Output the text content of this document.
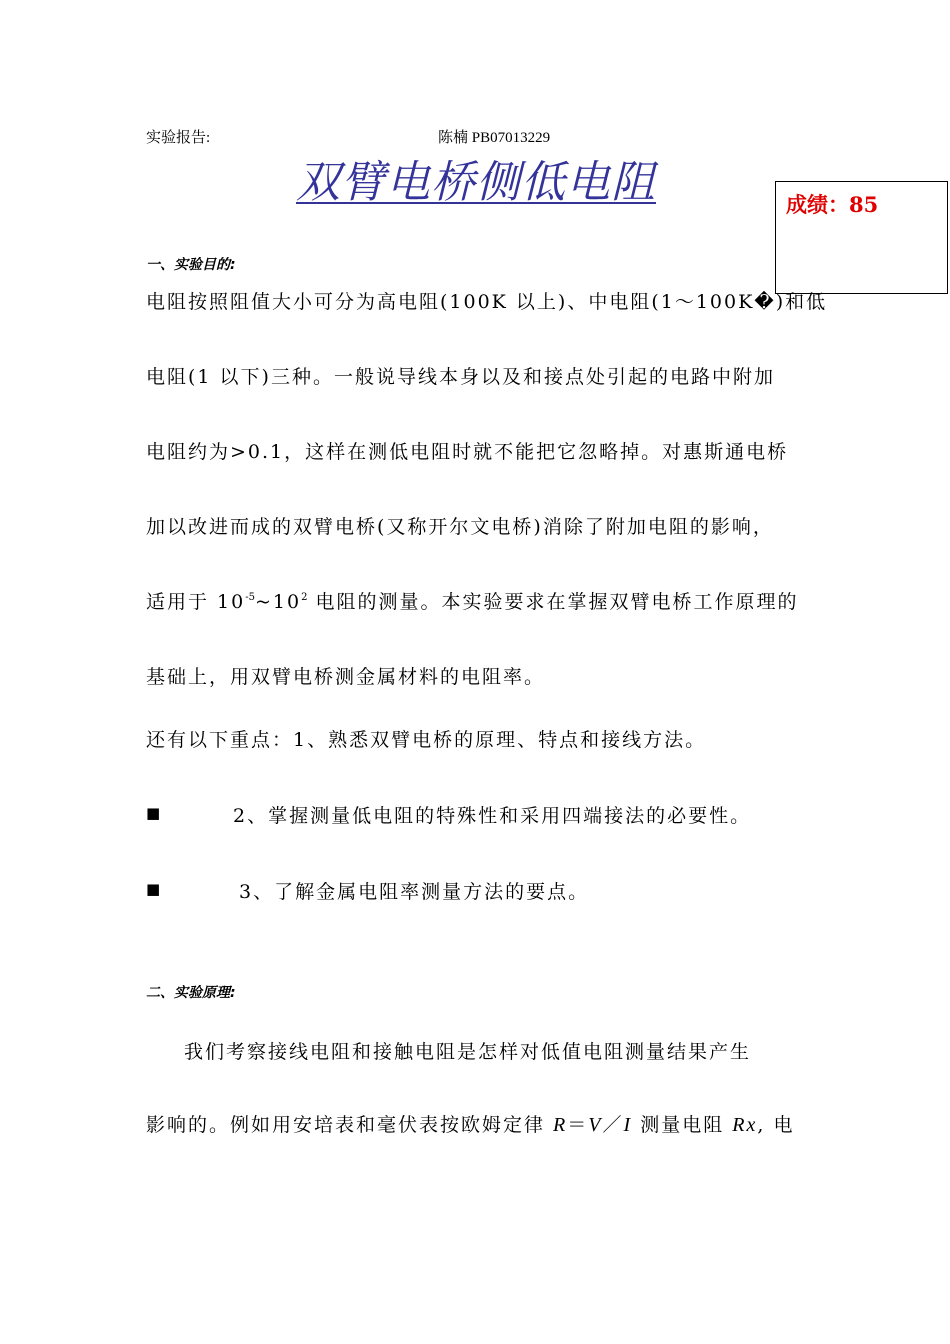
实验报告:	陈楠 PB07013229
双臂电桥侧低电阻	成绩：85
一、实验目的:
电阻按照阻值大小可分为高电阻(100K 以上)、中电阻(1～100K�)和低
电阻(1 以下)三种。一般说导线本身以及和接点处引起的电路中附加
电阻约为>0.1，这样在测低电阻时就不能把它忽略掉。对惠斯通电桥
加以改进而成的双臂电桥(又称开尔文电桥)消除了附加电阻的影响，
适用于 $10^{-5}\sim 10^2$ 电阻的测量。本实验要求在掌握双臂电桥工作原理的
基础上，用双臂电桥测金属材料的电阻率。
还有以下重点：1、熟悉双臂电桥的原理、特点和接线方法。
■	2、掌握测量低电阻的特殊性和采用四端接法的必要性。
■	3、了解金属电阻率测量方法的要点。
二、实验原理:
我们考察接线电阻和接触电阻是怎样对低值电阻测量结果产生
影响的。例如用安培表和毫伏表按欧姆定律 R＝V／I 测量电阻 Rx, 电
